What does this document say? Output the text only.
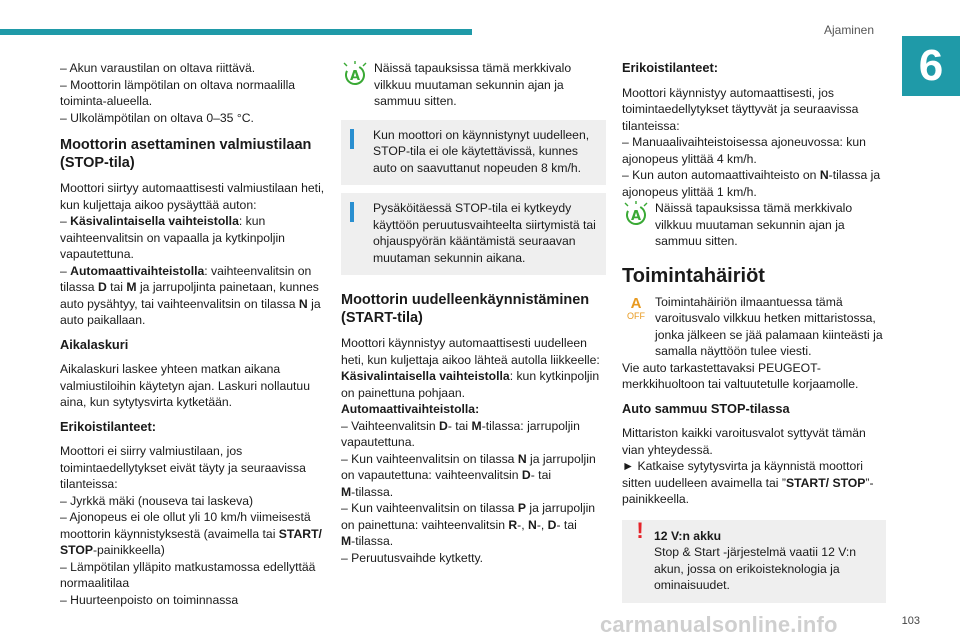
Ajaminen
6

– Akun varaustilan on oltava riittävä.

– Moottorin lämpötilan on oltava normaalilla toiminta-alueella.

– Ulkolämpötilan on oltava 0–35 °C.

Moottorin asettaminen valmiustilaan (STOP-tila)

Moottori siirtyy automaattisesti valmiustilaan heti, kun kuljettaja aikoo pysäyttää auton:

– Käsivalintaisella vaihteistolla: kun vaihteenvalitsin on vapaalla ja kytkinpoljin vapautettuna.

– Automaattivaihteistolla: vaihteenvalitsin on tilassa D tai M ja jarrupoljinta painetaan, kunnes auto pysähtyy, tai vaihteenvalitsin on tilassa N ja auto paikallaan.

Aikalaskuri

Aikalaskuri laskee yhteen matkan aikana valmiustiloihin käytetyn ajan. Laskuri nollautuu aina, kun sytytysvirta kytketään.

Erikoistilanteet:

Moottori ei siirry valmiustilaan, jos toimintaedellytykset eivät täyty ja seuraavissa tilanteissa:

– Jyrkkä mäki (nouseva tai laskeva)

– Ajonopeus ei ole ollut yli 10 km/h viimeisestä moottorin käynnistyksestä (avaimella tai START/ STOP-painikkeella)

– Lämpötilan ylläpito matkustamossa edellyttää normaalitilaa

– Huurteenpoisto on toiminnassa

A
Näissä tapauksissa tämä merkkivalo vilkkuu muutaman sekunnin ajan ja sammuu sitten.

Kun moottori on käynnistynyt uudelleen, STOP-tila ei ole käytettävissä, kunnes auto on saavuttanut nopeuden 8 km/h.

Pysäköitäessä STOP-tila ei kytkeydy käyttöön peruutusvaihteelta siirtymistä tai ohjauspyörän kääntämistä seuraavan muutaman sekunnin aikana.

Moottorin uudelleenkäynnistäminen (START-tila)

Moottori käynnistyy automaattisesti uudelleen heti, kun kuljettaja aikoo lähteä autolla liikkeelle:

Käsivalintaisella vaihteistolla: kun kytkinpoljin on painettuna pohjaan.

Automaattivaihteistolla:

– Vaihteenvalitsin D- tai M-tilassa: jarrupoljin vapautettuna.

– Kun vaihteenvalitsin on tilassa N ja jarrupoljin on vapautettuna: vaihteenvalitsin D- tai
M-tilassa.

– Kun vaihteenvalitsin on tilassa P ja jarrupoljin on painettuna: vaihteenvalitsin R-, N-, D- tai
M-tilassa.

– Peruutusvaihde kytketty.

Erikoistilanteet:

Moottori käynnistyy automaattisesti, jos toimintaedellytykset täyttyvät ja seuraavissa tilanteissa:

– Manuaalivaihteistoisessa ajoneuvossa: kun ajonopeus ylittää 4 km/h.

– Kun auton automaattivaihteisto on N-tilassa ja ajonopeus ylittää 1 km/h.

A
Näissä tapauksissa tämä merkkivalo vilkkuu muutaman sekunnin ajan ja sammuu sitten.
Toimintahäiriöt
A
OFF
Toimintahäiriön ilmaantuessa tämä varoitusvalo vilkkuu hetken mittaristossa, jonka jälkeen se jää palamaan kiinteästi ja samalla näyttöön tulee viesti.

Vie auto tarkastettavaksi PEUGEOT-merkkihuoltoon tai valtuutetulle korjaamolle.

Auto sammuu STOP-tilassa

Mittariston kaikki varoitusvalot syttyvät tämän vian yhteydessä.

► Katkaise sytytysvirta ja käynnistä moottori sitten uudelleen avaimella tai ”START/ STOP”-painikkeella.

! 12 V:n akku

Stop & Start -järjestelmä vaatii 12 V:n akun, jossa on erikoisteknologia ja ominaisuudet.

carmanualsonline.info	103
